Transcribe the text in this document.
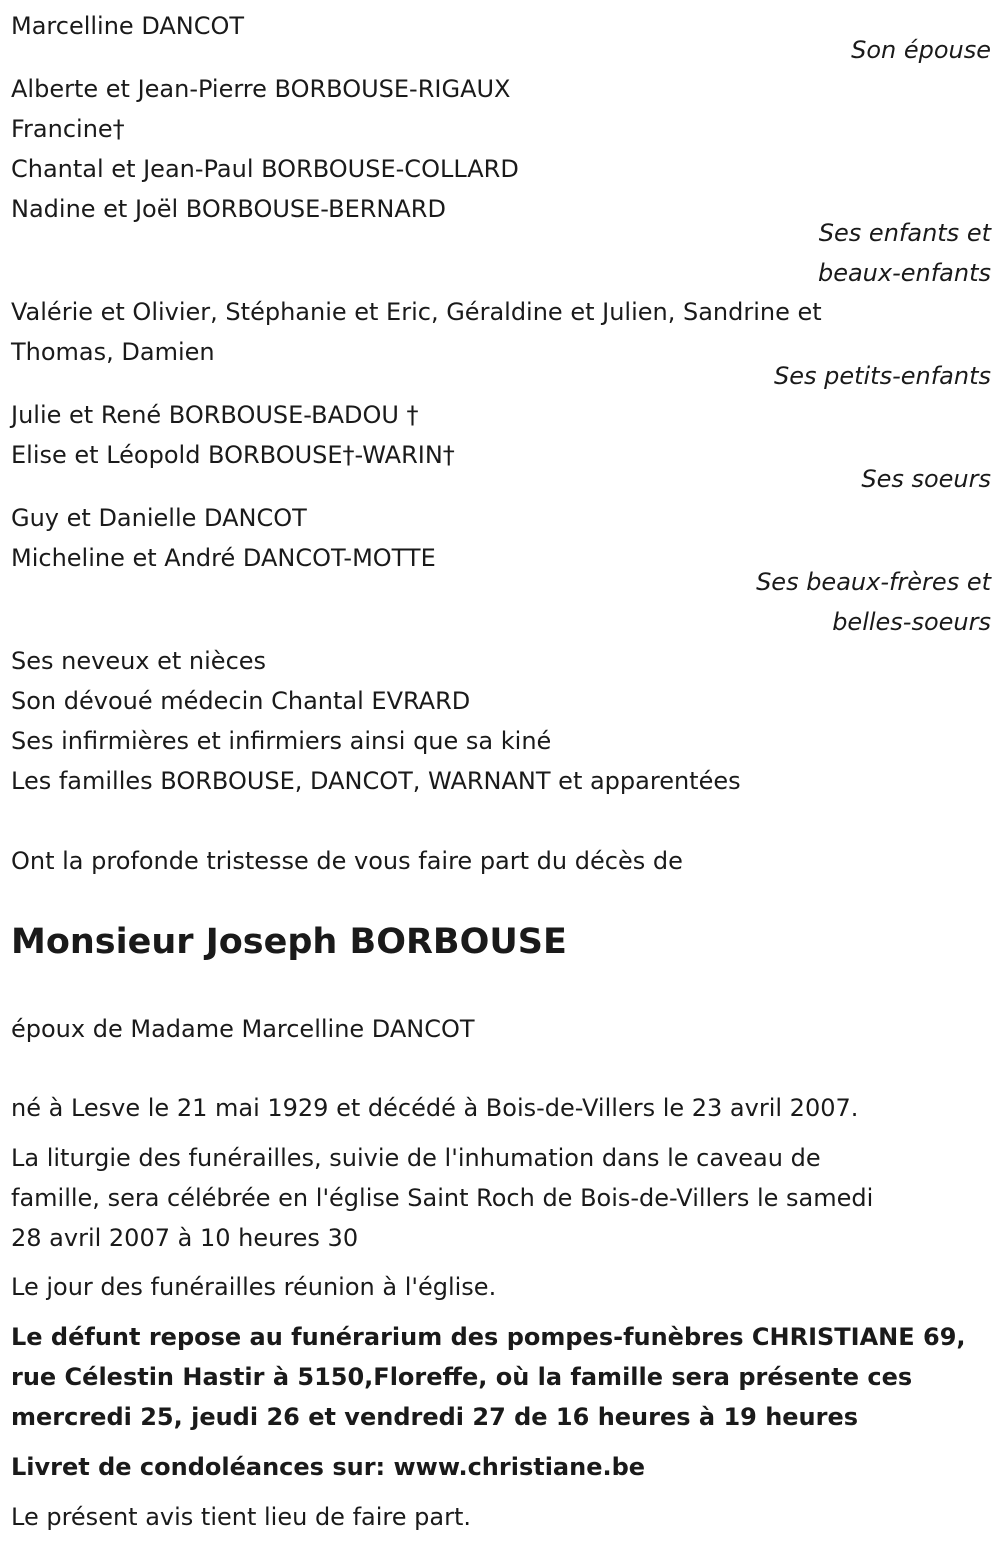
Marcelline DANCOT
Son épouse
Alberte et Jean-Pierre BORBOUSE-RIGAUX
Francine†
Chantal et Jean-Paul BORBOUSE-COLLARD
Nadine et Joël BORBOUSE-BERNARD
Ses enfants et
beaux-enfants
Valérie et Olivier, Stéphanie et Eric, Géraldine et Julien, Sandrine et
Thomas, Damien
Ses petits-enfants
Julie et René BORBOUSE-BADOU †
Elise et Léopold BORBOUSE†-WARIN†
Ses soeurs
Guy et Danielle DANCOT
Micheline et André DANCOT-MOTTE
Ses beaux-frères et
belles-soeurs
Ses neveux et nièces
Son dévoué médecin Chantal EVRARD
Ses infirmières et infirmiers ainsi que sa kiné
Les familles BORBOUSE, DANCOT, WARNANT et apparentées
Ont la profonde tristesse de vous faire part du décès de
Monsieur Joseph BORBOUSE
époux de Madame Marcelline DANCOT
né à Lesve le 21 mai 1929 et décédé à Bois-de-Villers le 23 avril 2007.
La liturgie des funérailles, suivie de l'inhumation dans le caveau de
famille, sera célébrée en l'église Saint Roch de Bois-de-Villers le samedi
28 avril 2007 à 10 heures 30
Le jour des funérailles réunion à l'église.
Le défunt repose au funérarium des pompes-funèbres CHRISTIANE 69,
rue Célestin Hastir à 5150,Floreffe, où la famille sera présente ces
mercredi 25, jeudi 26 et vendredi 27 de 16 heures à 19 heures
Livret de condoléances sur: www.christiane.be
Le présent avis tient lieu de faire part.
